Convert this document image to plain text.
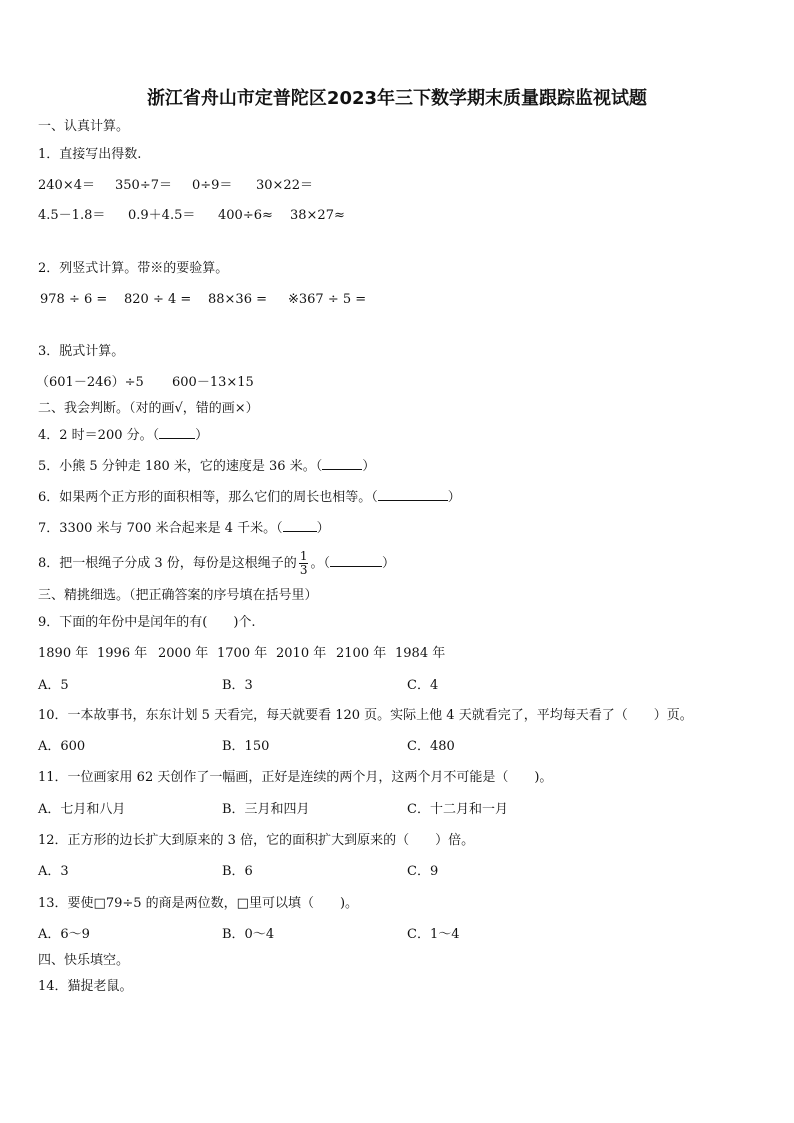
浙江省舟山市定普陀区2023年三下数学期末质量跟踪监视试题
一、认真计算。
1．直接写出得数.
240×4＝ 350÷7＝ 0÷9＝ 30×22＝
4.5－1.8＝ 0.9＋4.5＝ 400÷6≈ 38×27≈
2．列竖式计算。带※的要验算。
978 ÷ 6 = 820 ÷ 4 = 88×36 = ※367 ÷ 5 =
3．脱式计算。
（601－246）÷5 600－13×15
二、我会判断。（对的画√，错的画×）
4．2 时＝200 分。（	）
5．小熊 5 分钟走 180 米，它的速度是 36 米。（	）
6．如果两个正方形的面积相等，那么它们的周长也相等。（	）
7．3300 米与 700 米合起来是 4 千米。（	）
8．把一根绳子分成 3 份，每份是这根绳子的 $\frac{1}{3}$ 。（	）
三、精挑细选。（把正确答案的序号填在括号里）
9．下面的年份中是闰年的有(　　)个.
1890 年 1996 年 2000 年 1700 年 2010 年 2100 年 1984 年
A．5	B．3	C．4
10．一本故事书，东东计划 5 天看完，每天就要看 120 页。实际上他 4 天就看完了，平均每天看了（　　）页。
A．600	B．150	C．480
11．一位画家用 62 天创作了一幅画，正好是连续的两个月，这两个月不可能是（　　)。
A．七月和八月	B．三月和四月	C．十二月和一月
12．正方形的边长扩大到原来的 3 倍，它的面积扩大到原来的（　　）倍。
A．3	B．6	C．9
13．要使□79÷5 的商是两位数，□里可以填（　　)。
A．6～9	B．0～4	C．1～4
四、快乐填空。
14．猫捉老鼠。
